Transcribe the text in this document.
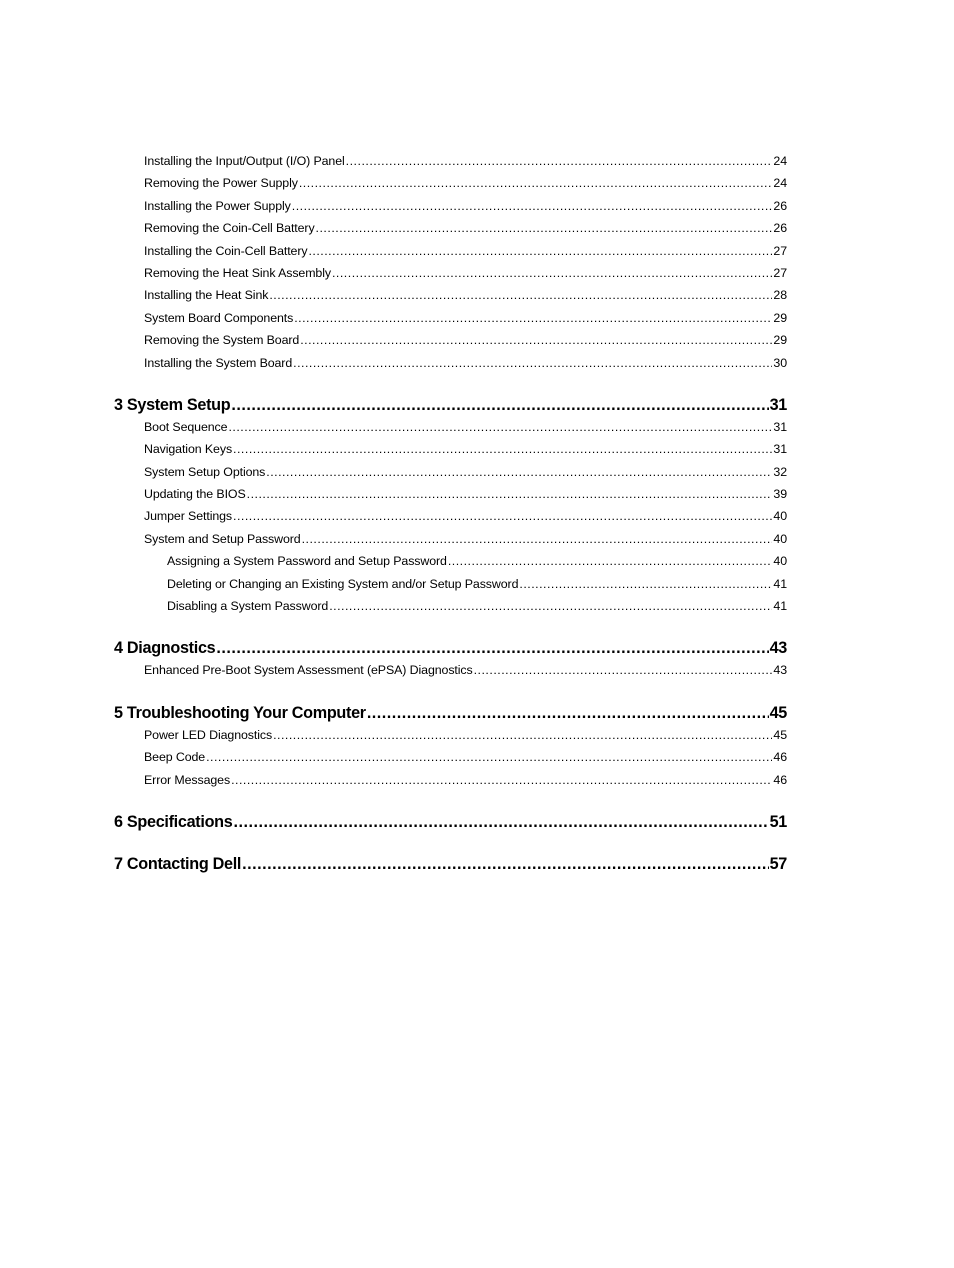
Installing the Input/Output (I/O) Panel .....	24
Removing the Power Supply .....	24
Installing the Power Supply .....	26
Removing the Coin-Cell Battery .....	26
Installing the Coin-Cell Battery .....	27
Removing the Heat Sink Assembly .....	27
Installing the Heat Sink .....	28
System Board Components .....	29
Removing the System Board .....	29
Installing the System Board .....	30
3 System Setup .....	31
Boot Sequence .....	31
Navigation Keys .....	31
System Setup Options .....	32
Updating the BIOS .....	39
Jumper Settings .....	40
System and Setup Password .....	40
Assigning a System Password and Setup Password .....	40
Deleting or Changing an Existing System and/or Setup Password .....	41
Disabling a System Password .....	41
4 Diagnostics .....	43
Enhanced Pre-Boot System Assessment (ePSA) Diagnostics .....	43
5 Troubleshooting Your Computer .....	45
Power LED Diagnostics .....	45
Beep Code .....	46
Error Messages .....	46
6 Specifications .....	51
7 Contacting Dell .....	57
